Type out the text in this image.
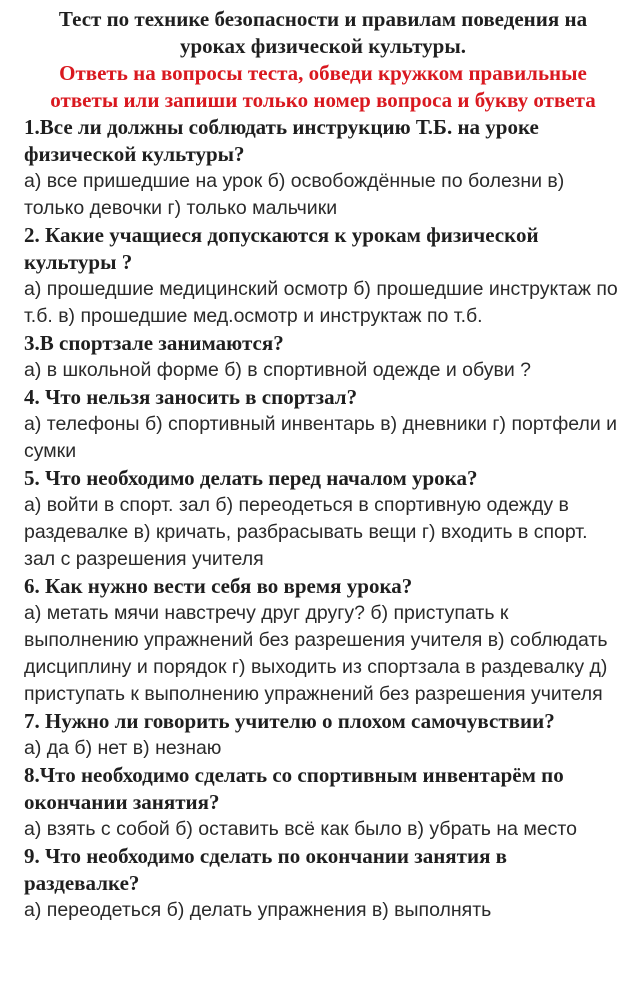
Тест по технике безопасности и правилам поведения на уроках физической культуры.

Ответь на вопросы теста, обведи кружком правильные ответы или запиши только номер вопроса и букву ответа

1.Все ли должны соблюдать инструкцию Т.Б. на уроке физической культуры?

а) все пришедшие на урок б) освобождённые по болезни в) только девочки г) только мальчики

2. Какие учащиеся допускаются к урокам физической культуры ?

а) прошедшие медицинский осмотр б) прошедшие инструктаж по т.б. в) прошедшие мед.осмотр и инструктаж по т.б.

3.В спортзале занимаются?

а) в школьной форме б) в спортивной одежде и обуви ?

4. Что нельзя заносить в спортзал?

а) телефоны б) спортивный инвентарь в) дневники г) портфели и сумки

5. Что необходимо делать перед началом урока?

а) войти в спорт. зал б) переодеться в спортивную одежду в раздевалке в) кричать, разбрасывать вещи г) входить в спорт. зал с разрешения учителя

6. Как нужно вести себя во время урока?

а) метать мячи навстречу друг другу? б) приступать к выполнению упражнений без разрешения учителя в) соблюдать дисциплину и порядок г) выходить из спортзала в раздевалку д) приступать к выполнению упражнений без разрешения учителя

7. Нужно ли говорить учителю о плохом самочувствии?

а) да б) нет в) незнаю

8.Что необходимо сделать со спортивным инвентарём по окончании занятия?

а) взять с собой б) оставить всё как было в) убрать на место

9. Что необходимо сделать по окончании занятия в раздевалке?

а) переодеться б) делать упражнения в) выполнять
